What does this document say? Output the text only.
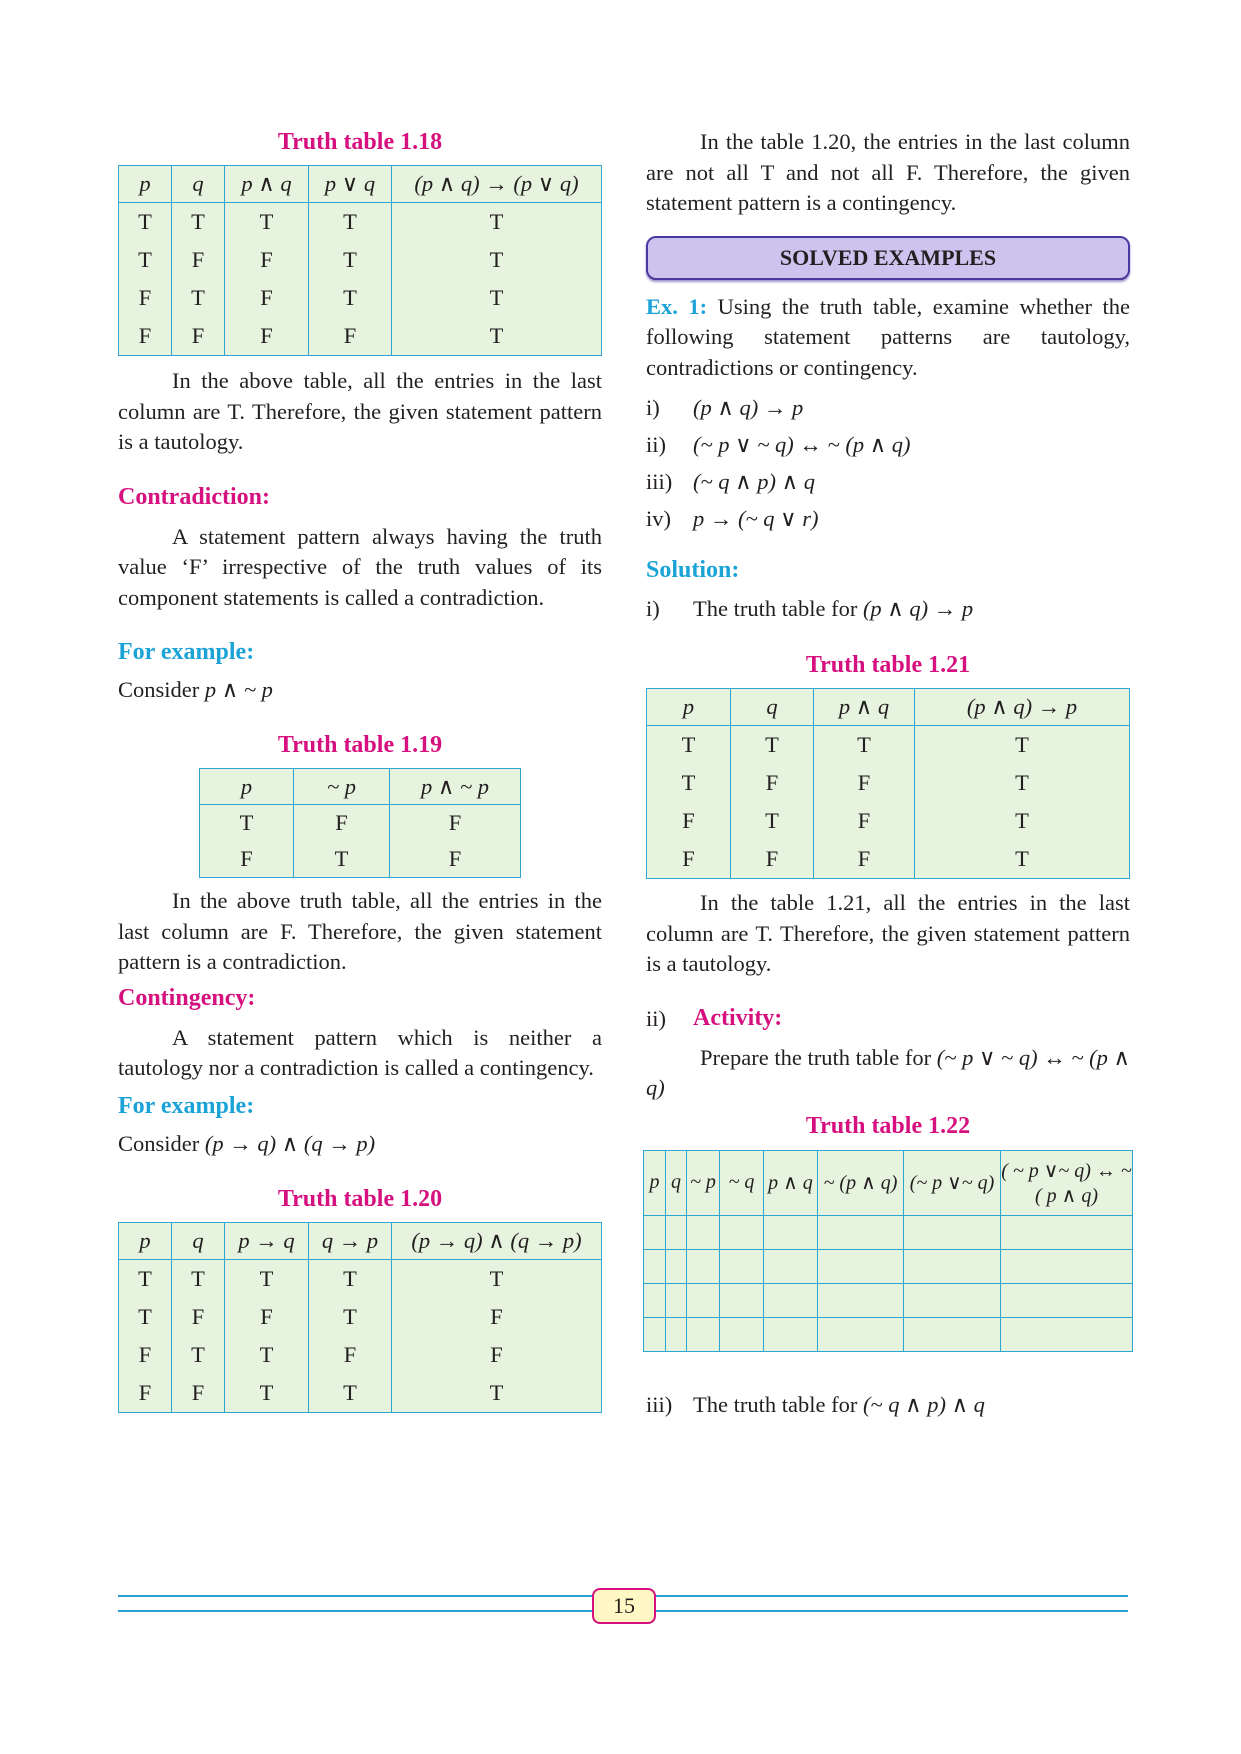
Truth table 1.18
p	q	p ∧ q	p ∨ q	(p ∧ q) → (p ∨ q)
T	T	T	T	T
T	F	F	T	T
F	T	F	T	T
F	F	F	F	T

In the above table, all the entries in the last column are T. Therefore, the given statement pattern is a tautology.

Contradiction:

A statement pattern always having the truth value ‘F’ irrespective of the truth values of its component statements is called a contradiction.

For example:
Consider p ∧ ~ p
Truth table 1.19
p	~ p	p ∧ ~ p
T	F	F
F	T	F

In the above truth table, all the entries in the last column are F. Therefore, the given statement pattern is a contradiction.

Contingency:

A statement pattern which is neither a tautology nor a contradiction is called a contingency.

For example:
Consider (p → q) ∧ (q → p)
Truth table 1.20
p	q	p → q	q → p	(p → q) ∧ (q → p)
T	T	T	T	T
T	F	F	T	F
F	T	T	F	F
F	F	T	T	T

In the table 1.20, the entries in the last column are not all T and not all F. Therefore, the given statement pattern is a contingency.

SOLVED EXAMPLES

Ex. 1: Using the truth table, examine whether the following statement patterns are tautology, contradictions or contingency.

i)	(p ∧ q) → p
ii)	(~ p ∨ ~ q) ↔ ~ (p ∧ q)
iii) (~ q ∧ p) ∧ q
iv) p → (~ q ∨ r)
Solution:
i)	The truth table for (p ∧ q) → p
Truth table 1.21
p	q	p ∧ q	(p ∧ q) → p
T	T	T	T
T	F	F	T
F	T	F	T
F	F	F	T

In the table 1.21, all the entries in the last column are T. Therefore, the given statement pattern is a tautology.

ii)	Activity:

Prepare the truth table for (~ p ∨ ~ q) ↔ ~ (p ∧ q)

Truth table 1.22
p	q	~ p	~ q	p ∧ q	~ (p ∧ q)	(~ p ∨~ q)	( ~ p ∨~ q) ↔ ~ ( p ∧ q)

iii) The truth table for (~ q ∧ p) ∧ q
15
